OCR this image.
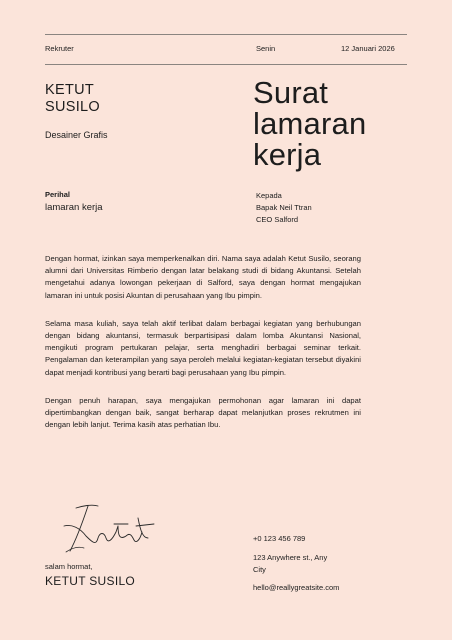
Rekruter	Senin	12 Januari 2026
KETUT
SUSILO
Desainer Grafis
Surat
lamaran
kerja
Perihal
lamaran kerja
Kepada
Bapak Neil Ttran
CEO Salford

Dengan hormat, izinkan saya memperkenalkan diri. Nama saya adalah Ketut Susilo, seorang alumni dari Universitas Rimberio dengan latar belakang studi di bidang Akuntansi. Setelah mengetahui adanya lowongan pekerjaan di Salford, saya dengan hormat mengajukan lamaran ini untuk posisi Akuntan di perusahaan yang Ibu pimpin.

Selama masa kuliah, saya telah aktif terlibat dalam berbagai kegiatan yang berhubungan dengan bidang akuntansi, termasuk berpartisipasi dalam lomba Akuntansi Nasional, mengikuti program pertukaran pelajar, serta menghadiri berbagai seminar terkait. Pengalaman dan keterampilan yang saya peroleh melalui kegiatan-kegiatan tersebut diyakini dapat menjadi kontribusi yang berarti bagi perusahaan yang Ibu pimpin.

Dengan penuh harapan, saya mengajukan permohonan agar lamaran ini dapat dipertimbangkan dengan baik, sangat berharap dapat melanjutkan proses rekrutmen ini dengan lebih lanjut. Terima kasih atas perhatian Ibu.

salam hormat,
KETUT SUSILO
+0 123 456 789
123 Anywhere st., Any
City
hello@reallygreatsite.com
